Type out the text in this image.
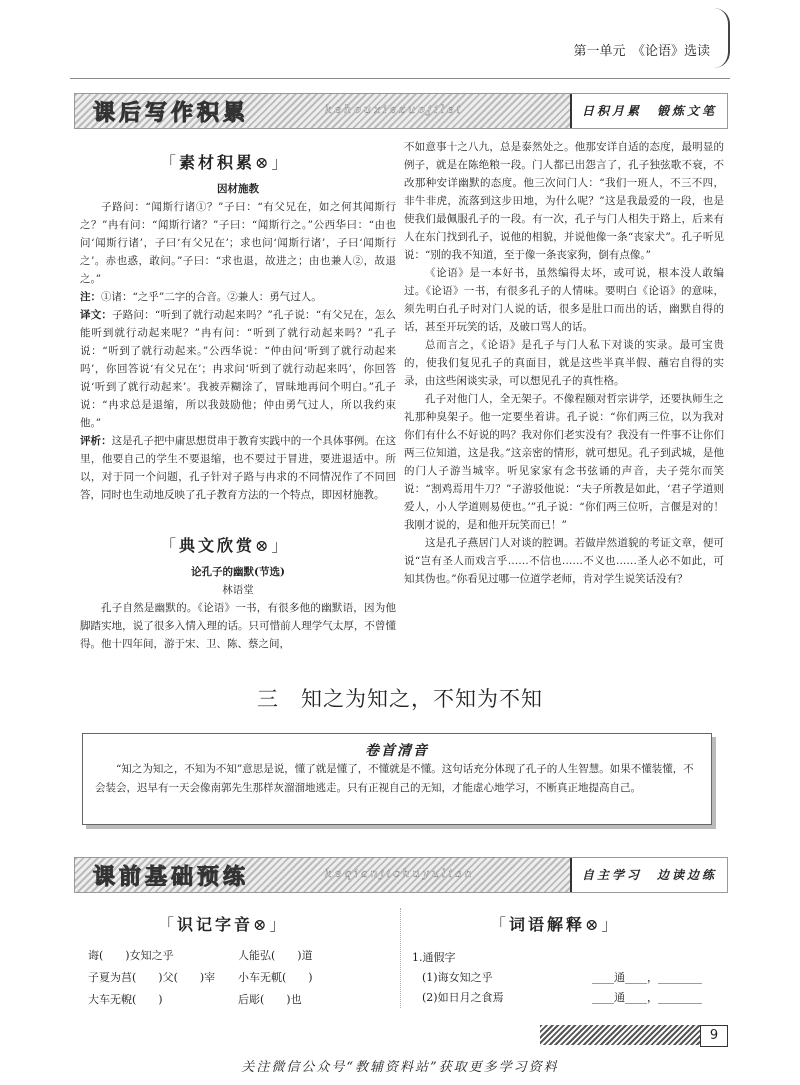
第一单元　《论语》选读
课后写作积累	kehouxiezuojilei	日积月累　锻炼文笔
「素材积累⊗」
因材施教

子路问：“闻斯行诸①？”子曰：“有父兄在，如之何其闻斯行之？”冉有问：“闻斯行诸？”子曰：“闻斯行之。”公西华曰：“由也问‘闻斯行诸’，子曰‘有父兄在’；求也问‘闻斯行诸’，子曰‘闻斯行之’。赤也惑，敢问。”子曰：“求也退，故进之；由也兼人②，故退之。”

注：①诸：“之乎”二字的合音。②兼人：勇气过人。

译文：子路问：“听到了就行动起来吗？”孔子说：“有父兄在，怎么能听到就行动起来呢？”冉有问：“听到了就行动起来吗？”孔子说：“听到了就行动起来。”公西华说：“仲由问‘听到了就行动起来吗’，你回答说‘有父兄在’；冉求问‘听到了就行动起来吗’，你回答说‘听到了就行动起来’。我被弄糊涂了，冒昧地再问个明白。”孔子说：“冉求总是退缩，所以我鼓励他；仲由勇气过人，所以我约束他。”

评析：这是孔子把中庸思想贯串于教育实践中的一个具体事例。在这里，他要自己的学生不要退缩，也不要过于冒进，要进退适中。所以，对于同一个问题，孔子针对子路与冉求的不同情况作了不同回答，同时也生动地反映了孔子教育方法的一个特点，即因材施教。

「典文欣赏⊗」
论孔子的幽默(节选)
林语堂

孔子自然是幽默的。《论语》一书，有很多他的幽默语，因为他脚踏实地，说了很多入情入理的话。只可惜前人理学气太厚，不曾懂得。他十四年间，游于宋、卫、陈、蔡之间，

不如意事十之八九，总是泰然处之。他那安详自适的态度，最明显的例子，就是在陈绝粮一段。门人都已出怨言了，孔子独弦歌不衰，不改那种安详幽默的态度。他三次问门人：“我们一班人，不三不四，非牛非虎，流落到这步田地，为什么呢？”这是我最爱的一段，也是使我们最佩服孔子的一段。有一次，孔子与门人相失于路上，后来有人在东门找到孔子，说他的相貌，并说他像一条“丧家犬”。孔子听见说：“别的我不知道，至于像一条丧家狗，倒有点像。”

《论语》是一本好书，虽然编得太坏，或可说，根本没人敢编过。《论语》一书，有很多孔子的人情味。要明白《论语》的意味，须先明白孔子时对门人说的话，很多是肚口而出的话，幽默自得的话，甚至开玩笑的话，及破口骂人的话。

总而言之，《论语》是孔子与门人私下对谈的实录。最可宝贵的，使我们复见孔子的真面目，就是这些半真半假、蘸宕自得的实录，由这些闲谈实录，可以想见孔子的真性格。

孔子对他门人，全无架子。不像程颐对哲宗讲学，还要执师生之礼那种臭架子。他一定要坐着讲。孔子说：“你们两三位，以为我对你们有什么不好说的吗？我对你们老实没有？我没有一件事不让你们两三位知道，这是我。”这亲密的情形，就可想见。孔子到武城，是他的门人子游当城宰。听见家家有念书弦诵的声音，夫子莞尔而笑说：“割鸡焉用牛刀？”子游驳他说：“夫子所教是如此，‘君子学道则爱人，小人学道则易使也。’”孔子说：“你们两三位听，言偃是对的！我刚才说的，是和他开玩笑而已！”

这是孔子燕居门人对谈的腔调。若做岸然道貌的考证文章，便可说“岂有圣人而戏言乎……不信也……不义也……圣人必不如此，可知其伪也。”你看见过哪一位道学老师，肯对学生说笑话没有？

三　知之为知之，不知为不知
卷首清音
“知之为知之，不知为不知”意思是说，懂了就是懂了，不懂就是不懂。这句话充分体现了孔子的人生智慧。如果不懂装懂，不会装会，迟早有一天会像南郭先生那样灰溜溜地逃走。只有正视自己的无知，才能虚心地学习，不断真正地提高自己。
课前基础预练	keqianjichuyulian	自主学习　边读边练
「识记字音⊗」
诲(　　)女知之乎	人能弘(　　)道
子夏为莒(　　)父(　　)宰 小车无軏(　　)
大车无輗(　　)	后彫(　　)也
「词语解释⊗」
1.通假字
(1)诲女知之乎	____通____，________
(2)如日月之食焉	____通____，________
9
关注微信公众号“教辅资料站”获取更多学习资料
